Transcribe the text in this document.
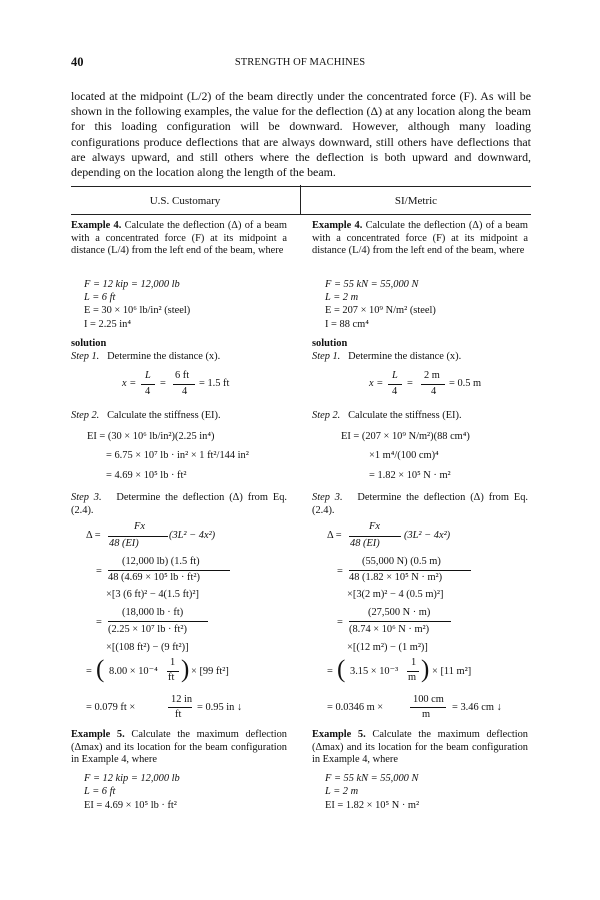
40	STRENGTH OF MACHINES

located at the midpoint (L/2) of the beam directly under the concentrated force (F). As will be shown in the following examples, the value for the deflection (Δ) at any location along the beam for this loading configuration will be downward. However, although many loading configurations produce deflections that are always downward, still others have deflections that are always upward, and still others where the deflection is both upward and downward, depending on the location along the length of the beam.

U.S. Customary	SI/Metric

Example 4. Calculate the deflection (Δ) of a beam with a concentrated force (F) at its midpoint a distance (L/4) from the left end of the beam, where

F = 12 kip = 12,000 lb
L = 6 ft
E = 30 × 10⁶ lb/in² (steel)
I = 2.25 in⁴
solution
Step 1. Determine the distance (x).
x =
L
4
=
6 ft
4
= 1.5 ft
Step 2. Calculate the stiffness (EI).
EI = (30 × 10⁶ lb/in²)(2.25 in⁴)
= 6.75 × 10⁷ lb · in² × 1 ft²/144 in²
= 4.69 × 10⁵ lb · ft²

Step 3. Determine the deflection (Δ) from Eq. (2.4).

Δ =
Fx
48 (EI)
(3L² − 4x²)
=
(12,000 lb) (1.5 ft)
48 (4.69 × 10⁵ lb · ft²)
×[3 (6 ft)² − 4(1.5 ft)²]
=
(18,000 lb · ft)
(2.25 × 10⁷ lb · ft²)
×[(108 ft²) − (9 ft²)]
= ( 8.00 × 10⁻⁴
1
ft ) × [99 ft²]
= 0.079 ft ×
12 in
ft
= 0.95 in ↓

Example 5. Calculate the maximum deflection (Δmax) and its location for the beam configuration in Example 4, where

F = 12 kip = 12,000 lb
L = 6 ft
EI = 4.69 × 10⁵ lb · ft²

Example 4. Calculate the deflection (Δ) of a beam with a concentrated force (F) at its midpoint a distance (L/4) from the left end of the beam, where

F = 55 kN = 55,000 N
L = 2 m
E = 207 × 10⁹ N/m² (steel)
I = 88 cm⁴
solution
Step 1. Determine the distance (x).
x =
L
4
=
2 m
4
= 0.5 m
Step 2. Calculate the stiffness (EI).
EI = (207 × 10⁹ N/m²)(88 cm⁴)
×1 m⁴/(100 cm)⁴
= 1.82 × 10⁵ N · m²

Step 3. Determine the deflection (Δ) from Eq. (2.4).

Δ =
Fx
48 (EI)
(3L² − 4x²)
=
(55,000 N) (0.5 m)
48 (1.82 × 10⁵ N · m²)
×[3(2 m)² − 4 (0.5 m)²]
=
(27,500 N · m)
(8.74 × 10⁶ N · m²)
×[(12 m²) − (1 m²)]
= ( 3.15 × 10⁻³
1
m ) × [11 m²]
= 0.0346 m ×
100 cm
m
= 3.46 cm ↓

Example 5. Calculate the maximum deflection (Δmax) and its location for the beam configuration in Example 4, where

F = 55 kN = 55,000 N
L = 2 m
EI = 1.82 × 10⁵ N · m²
